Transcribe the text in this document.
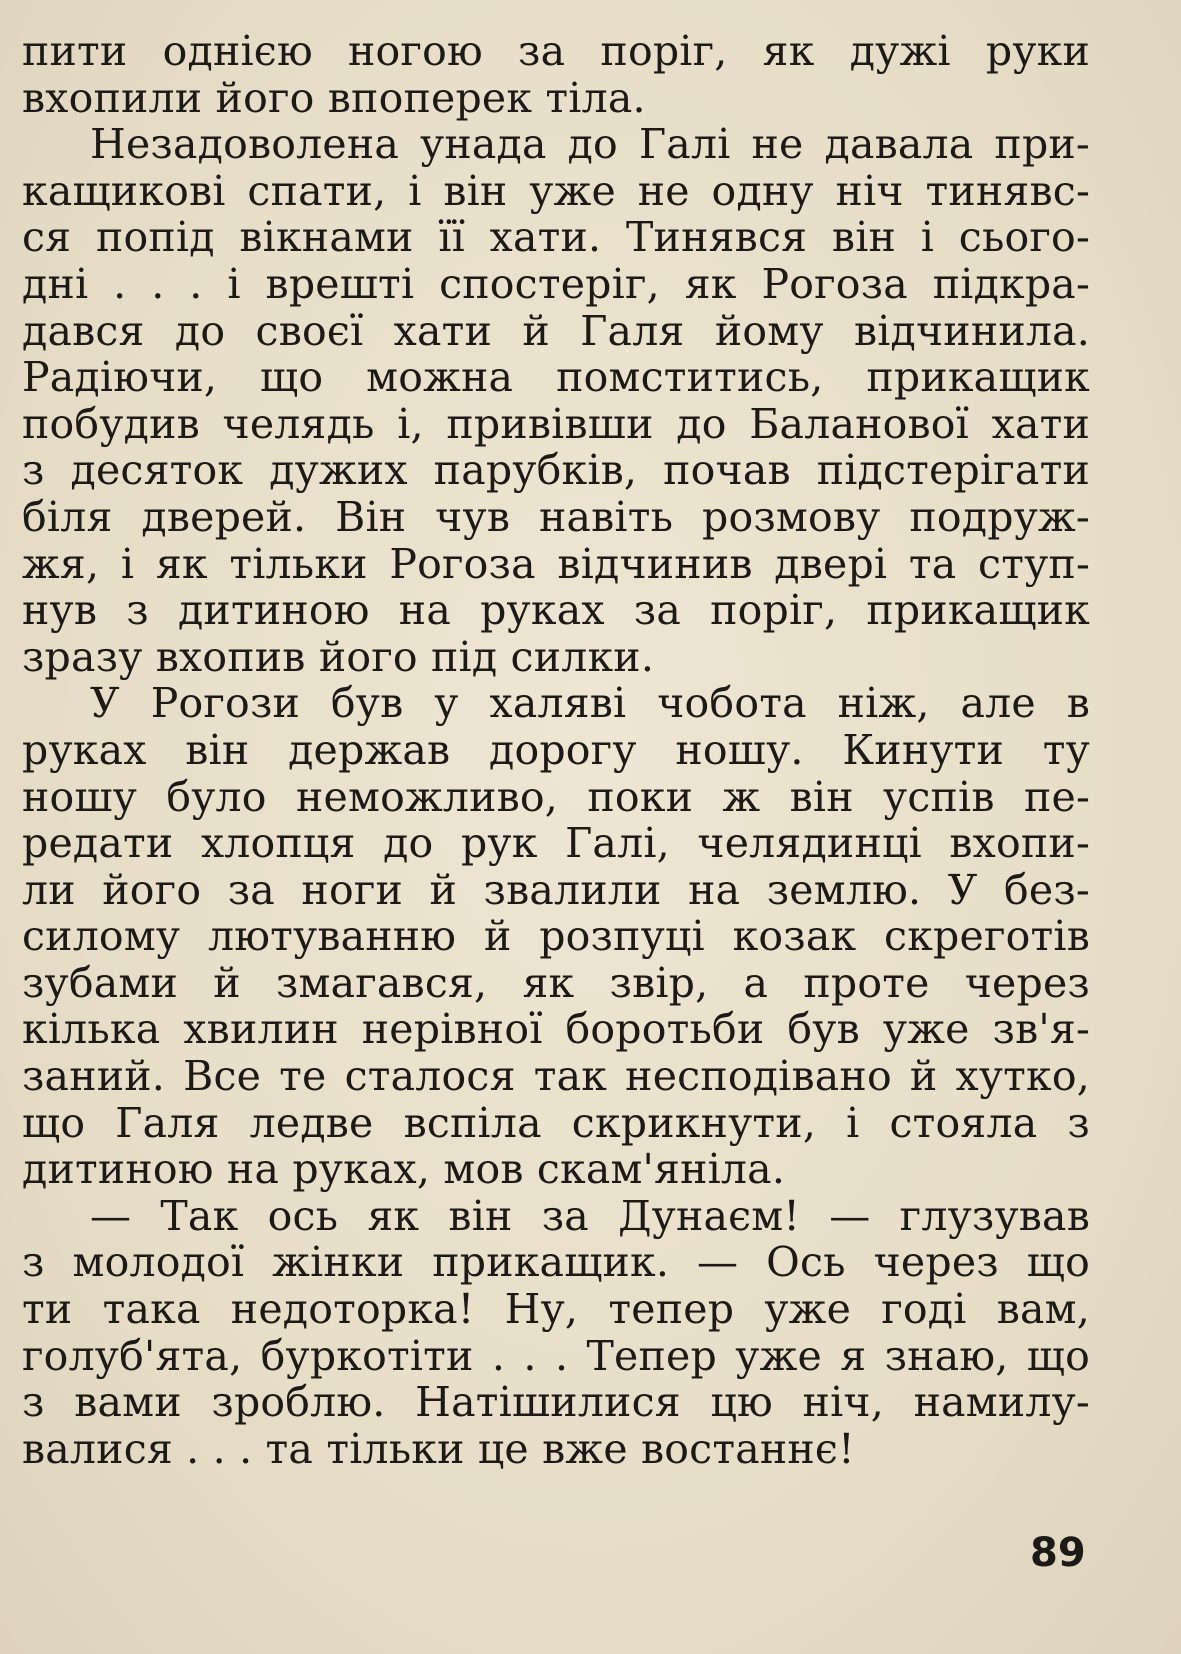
пити однією ногою за поріг, як дужі руки
вхопили його впоперек тіла.
Незадоволена унада до Галі не давала при-
кащикові спати, і він уже не одну ніч тинявс-
ся попід вікнами її хати. Тинявся він і сього-
дні . . . і врешті спостеріг, як Рогоза підкра-
дався до своєї хати й Галя йому відчинила.
Радіючи, що можна помститись, прикащик
побудив челядь і, привівши до Баланової хати
з десяток дужих парубків, почав підстерігати
біля дверей. Він чув навіть розмову подруж-
жя, і як тільки Рогоза відчинив двері та ступ-
нув з дитиною на руках за поріг, прикащик
зразу вхопив його під силки.
У Рогози був у халяві чобота ніж, але в
руках він держав дорогу ношу. Кинути ту
ношу було неможливо, поки ж він успів пе-
редати хлопця до рук Галі, челядинці вхопи-
ли його за ноги й звалили на землю. У без-
силому лютуванню й розпуці козак скреготів
зубами й змагався, як звір, а проте через
кілька хвилин нерівної боротьби був уже зв'я-
заний. Все те сталося так несподівано й хутко,
що Галя ледве вспіла скрикнути, і стояла з
дитиною на руках, мов скам'яніла.
— Так ось як він за Дунаєм! — глузував
з молодої жінки прикащик. — Ось через що
ти така недоторка! Ну, тепер уже годі вам,
голуб'ята, буркотіти . . . Тепер уже я знаю, що
з вами зроблю. Натішилися цю ніч, намилу-
валися . . . та тільки це вже востаннє!
89
